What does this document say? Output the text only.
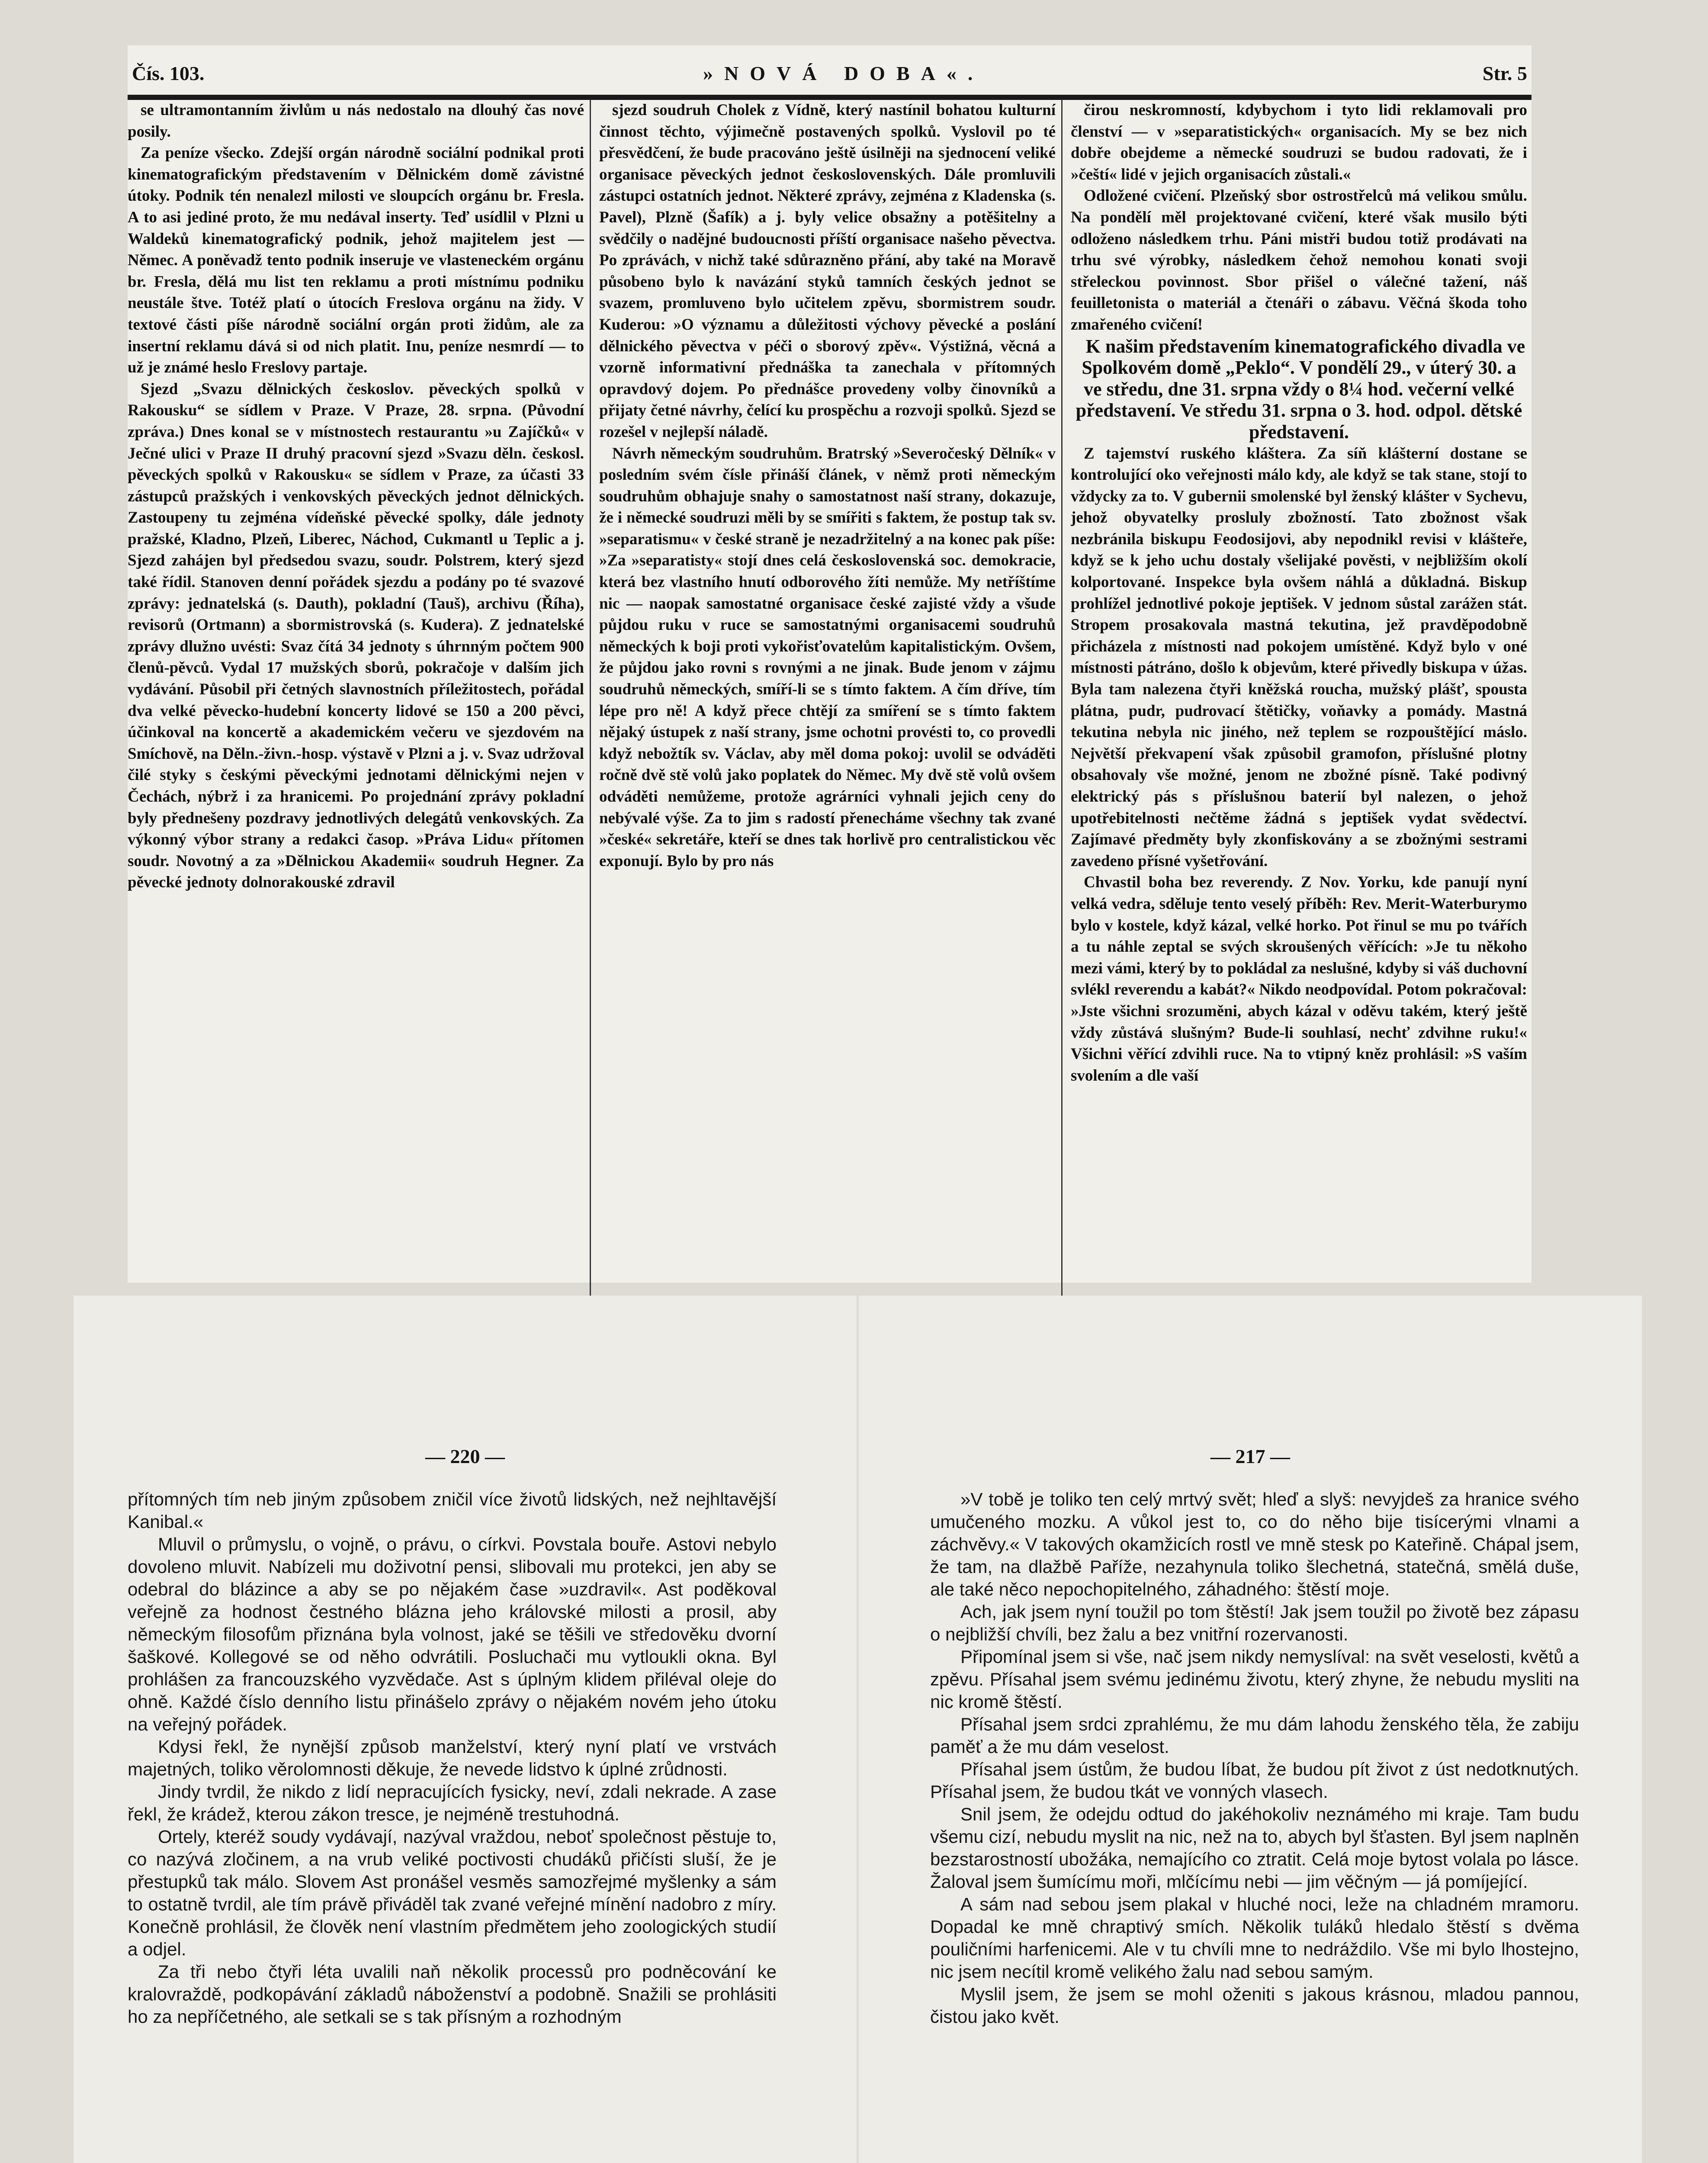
Čís. 103.	»NOVÁ DOBA«.	Str. 5

se ultramontanním živlům u nás nedostalo na dlouhý čas nové posily.

Za peníze všecko. Zdejší orgán národně sociální podnikal proti kinematografickým představením v Dělnickém domě závistné útoky. Podnik tén nenalezl milosti ve sloupcích orgánu br. Fresla. A to asi jediné proto, že mu nedával inserty. Teď usídlil v Plzni u Waldeků kinematografický podnik, jehož majitelem jest — Němec. A poněvadž tento podnik inseruje ve vlasteneckém orgánu br. Fresla, dělá mu list ten reklamu a proti místnímu podniku neustále štve. Totéž platí o útocích Freslova orgánu na židy. V textové části píše národně sociální orgán proti židům, ale za insertní reklamu dává si od nich platit. Inu, peníze nesmrdí — to už je známé heslo Freslovy partaje.

Sjezd „Svazu dělnických českoslov. pěveckých spolků v Rakousku“ se sídlem v Praze. V Praze, 28. srpna. (Původní zpráva.) Dnes konal se v místnostech restaurantu »u Zajíčků« v Ječné ulici v Praze II druhý pracovní sjezd »Svazu děln. českosl. pěveckých spolků v Rakousku« se sídlem v Praze, za účasti 33 zástupců pražských i venkovských pěveckých jednot dělnických. Zastoupeny tu zejména vídeňské pěvecké spolky, dále jednoty pražské, Kladno, Plzeň, Liberec, Náchod, Cukmantl u Teplic a j. Sjezd zahájen byl předsedou svazu, soudr. Polstrem, který sjezd také řídil. Stanoven denní pořádek sjezdu a podány po té svazové zprávy: jednatelská (s. Dauth), pokladní (Tauš), archivu (Říha), revisorů (Ortmann) a sbormistrovská (s. Kudera). Z jednatelské zprávy dlužno uvésti: Svaz čítá 34 jednoty s úhrnným počtem 900 členů-pěvců. Vydal 17 mužských sborů, pokračoje v dalším jich vydávání. Působil při četných slavnostních příležitostech, pořádal dva velké pěvecko-hudební koncerty lidové se 150 a 200 pěvci, účinkoval na koncertě a akademickém večeru ve sjezdovém na Smíchově, na Děln.-živn.-hosp. výstavě v Plzni a j. v. Svaz udržoval čilé styky s českými pěveckými jednotami dělnickými nejen v Čechách, nýbrž i za hranicemi. Po projednání zprávy pokladní byly přednešeny pozdravy jednotlivých delegátů venkovských. Za výkonný výbor strany a redakci časop. »Práva Lidu« přítomen soudr. Novotný a za »Dělnickou Akademii« soudruh Hegner. Za pěvecké jednoty dolnorakouské zdravil

sjezd soudruh Cholek z Vídně, který nastínil bohatou kulturní činnost těchto, výjimečně postavených spolků. Vyslovil po té přesvědčení, že bude pracováno ještě úsilněji na sjednocení veliké organisace pěveckých jednot československých. Dále promluvili zástupci ostatních jednot. Některé zprávy, zejména z Kladenska (s. Pavel), Plzně (Šafík) a j. byly velice obsažny a potěšitelny a svědčily o nadějné budoucnosti příští organisace našeho pěvectva. Po zprávách, v nichž také sdůrazněno přání, aby také na Moravě působeno bylo k navázání styků tamních českých jednot se svazem, promluveno bylo učitelem zpěvu, sbormistrem soudr. Kuderou: »O významu a důležitosti výchovy pěvecké a poslání dělnického pěvectva v péči o sborový zpěv«. Výstižná, věcná a vzorně informativní přednáška ta zanechala v přítomných opravdový dojem. Po přednášce provedeny volby činovníků a přijaty četné návrhy, čelící ku prospěchu a rozvoji spolků. Sjezd se rozešel v nejlepší náladě.

Návrh německým soudruhům. Bratrský »Severočeský Dělník« v posledním svém čísle přináší článek, v němž proti německým soudruhům obhajuje snahy o samostatnost naší strany, dokazuje, že i německé soudruzi měli by se smířiti s faktem, že postup tak sv. »separatismu« v české straně je nezadržitelný a na konec pak píše: »Za »separatisty« stojí dnes celá československá soc. demokracie, která bez vlastního hnutí odborového žíti nemůže. My netříštíme nic — naopak samostatné organisace české zajisté vždy a všude půjdou ruku v ruce se samostatnými organisacemi soudruhů německých k boji proti vykořisťovatelům kapitalistickým. Ovšem, že půjdou jako rovni s rovnými a ne jinak. Bude jenom v zájmu soudruhů německých, smíří-li se s tímto faktem. A čím dříve, tím lépe pro ně! A když přece chtějí za smíření se s tímto faktem nějaký ústupek z naší strany, jsme ochotni provésti to, co provedli když nebožtík sv. Václav, aby měl doma pokoj: uvolil se odváděti ročně dvě stě volů jako poplatek do Němec. My dvě stě volů ovšem odváděti nemůžeme, protože agrárníci vyhnali jejich ceny do nebývalé výše. Za to jim s radostí přenecháme všechny tak zvané »české« sekretáře, kteří se dnes tak horlivě pro centralistickou věc exponují. Bylo by pro nás

čirou neskromností, kdybychom i tyto lidi reklamovali pro členství — v »separatistických« organisacích. My se bez nich dobře obejdeme a německé soudruzi se budou radovati, že i »čeští« lidé v jejich organisacích zůstali.«

Odložené cvičení. Plzeňský sbor ostrostřelců má velikou smůlu. Na pondělí měl projektované cvičení, které však musilo býti odloženo následkem trhu. Páni mistři budou totiž prodávati na trhu své výrobky, následkem čehož nemohou konati svoji střeleckou povinnost. Sbor přišel o válečné tažení, náš feuilletonista o materiál a čtenáři o zábavu. Věčná škoda toho zmařeného cvičení!

K našim představením kinematografického divadla ve Spolkovém domě „Peklo“. V pondělí 29., v úterý 30. a ve středu, dne 31. srpna vždy o 8¼ hod. večerní velké představení. Ve středu 31. srpna o 3. hod. odpol. dětské představení.

Z tajemství ruského kláštera. Za síň klášterní dostane se kontrolující oko veřejnosti málo kdy, ale když se tak stane, stojí to vždycky za to. V gubernii smolenské byl ženský klášter v Sychevu, jehož obyvatelky prosluly zbožností. Tato zbožnost však nezbránila biskupu Feodosijovi, aby nepodnikl revisi v klášteře, když se k jeho uchu dostaly všelijaké pověsti, v nejbližším okolí kolportované. Inspekce byla ovšem náhlá a důkladná. Biskup prohlížel jednotlivé pokoje jeptišek. V jednom sůstal zarážen stát. Stropem prosakovala mastná tekutina, jež pravděpodobně přicházela z místnosti nad pokojem umístěné. Když bylo v oné místnosti pátráno, došlo k objevům, které přivedly biskupa v úžas. Byla tam nalezena čtyři kněžská roucha, mužský plášť, spousta plátna, pudr, pudrovací štětičky, voňavky a pomády. Mastná tekutina nebyla nic jiného, než teplem se rozpouštějící máslo. Největší překvapení však způsobil gramofon, příslušné plotny obsahovaly vše možné, jenom ne zbožné písně. Také podivný elektrický pás s příslušnou baterií byl nalezen, o jehož upotřebitelnosti nečtěme žádná s jeptišek vydat svědectví. Zajímavé předměty byly zkonfiskovány a se zbožnými sestrami zavedeno přísné vyšetřování.

Chvastil boha bez reverendy. Z Nov. Yorku, kde panují nyní velká vedra, sděluje tento veselý příběh: Rev. Merit-Waterburymo bylo v kostele, když kázal, velké horko. Pot řinul se mu po tvářích a tu náhle zeptal se svých skroušených věřících: »Je tu někoho mezi vámi, který by to pokládal za neslušné, kdyby si váš duchovní svlékl reverendu a kabát?« Nikdo neodpovídal. Potom pokračoval: »Jste všichni srozuměni, abych kázal v oděvu takém, který ještě vždy zůstává slušným? Bude-li souhlasí, nechť zdvihne ruku!« Všichni věřící zdvihli ruce. Na to vtipný kněz prohlásil: »S vaším svolením a dle vaší

— 220 —

přítomných tím neb jiným způsobem zničil více životů lidských, než nejhltavější Kanibal.«

Mluvil o průmyslu, o vojně, o právu, o církvi. Povstala bouře. Astovi nebylo dovoleno mluvit. Nabízeli mu doživotní pensi, slibovali mu protekci, jen aby se odebral do blázince a aby se po nějakém čase »uzdravil«. Ast poděkoval veřejně za hodnost čestného blázna jeho královské milosti a prosil, aby německým filosofům přiznána byla volnost, jaké se těšili ve středověku dvorní šaškové. Kollegové se od něho odvrátili. Posluchači mu vytloukli okna. Byl prohlášen za francouzského vyzvědače. Ast s úplným klidem přiléval oleje do ohně. Každé číslo denního listu přinášelo zprávy o nějakém novém jeho útoku na veřejný pořádek.

Kdysi řekl, že nynější způsob manželství, který nyní platí ve vrstvách majetných, toliko věrolomnosti děkuje, že nevede lidstvo k úplné zrůdnosti.

Jindy tvrdil, že nikdo z lidí nepracujících fysicky, neví, zdali nekrade. A zase řekl, že krádež, kterou zákon tresce, je nejméně trestuhodná.

Ortely, kteréž soudy vydávají, nazýval vraždou, neboť společnost pěstuje to, co nazývá zločinem, a na vrub veliké poctivosti chudáků přičísti sluší, že je přestupků tak málo. Slovem Ast pronášel vesměs samozřejmé myšlenky a sám to ostatně tvrdil, ale tím právě přiváděl tak zvané veřejné mínění nadobro z míry. Konečně prohlásil, že člověk není vlastním předmětem jeho zoologických studií a odjel.

Za tři nebo čtyři léta uvalili naň několik processů pro podněcování ke kralovraždě, podkopávání základů náboženství a podobně. Snažili se prohlásiti ho za nepříčetného, ale setkali se s tak přísným a rozhodným

— 217 —

»V tobě je toliko ten celý mrtvý svět; hleď a slyš: nevyjdeš za hranice svého umučeného mozku. A vůkol jest to, co do něho bije tisícerými vlnami a záchvěvy.« V takových okamžicích rostl ve mně stesk po Kateřině. Chápal jsem, že tam, na dlažbě Paříže, nezahynula toliko šlechetná, statečná, smělá duše, ale také něco nepochopitelného, záhadného: štěstí moje.

Ach, jak jsem nyní toužil po tom štěstí! Jak jsem toužil po životě bez zápasu o nejbližší chvíli, bez žalu a bez vnitřní rozervanosti.

Připomínal jsem si vše, nač jsem nikdy nemyslíval: na svět veselosti, květů a zpěvu. Přísahal jsem svému jedinému životu, který zhyne, že nebudu mysliti na nic kromě štěstí.

Přísahal jsem srdci zprahlému, že mu dám lahodu ženského těla, že zabiju paměť a že mu dám veselost.

Přísahal jsem ústům, že budou líbat, že budou pít život z úst nedotknutých. Přísahal jsem, že budou tkát ve vonných vlasech.

Snil jsem, že odejdu odtud do jakéhokoliv neznámého mi kraje. Tam budu všemu cizí, nebudu myslit na nic, než na to, abych byl šťasten. Byl jsem naplněn bezstarostností ubožáka, nemajícího co ztratit. Celá moje bytost volala po lásce. Žaloval jsem šumícímu moři, mlčícímu nebi — jim věčným — já pomíjející.

A sám nad sebou jsem plakal v hluché noci, leže na chladném mramoru. Dopadal ke mně chraptivý smích. Několik tuláků hledalo štěstí s dvěma pouličními harfenicemi. Ale v tu chvíli mne to nedráždilo. Vše mi bylo lhostejno, nic jsem necítil kromě velikého žalu nad sebou samým.

Myslil jsem, že jsem se mohl oženiti s jakous krásnou, mladou pannou, čistou jako květ.
